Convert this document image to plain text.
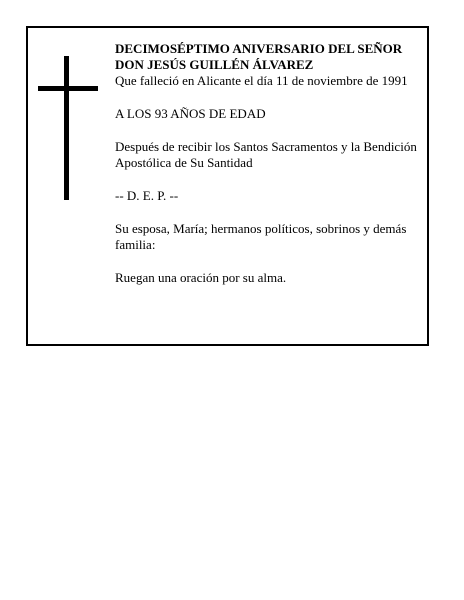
DECIMOSÉPTIMO ANIVERSARIO DEL SEÑOR

DON JESÚS GUILLÉN ÁLVAREZ

Que falleció en Alicante el día 11 de noviembre de 1991

A LOS 93 AÑOS DE EDAD

Después de recibir los Santos Sacramentos y la Bendición Apostólica de Su Santidad

-- D. E. P. --

Su esposa, María; hermanos políticos, sobrinos y demás familia:

Ruegan una oración por su alma.
